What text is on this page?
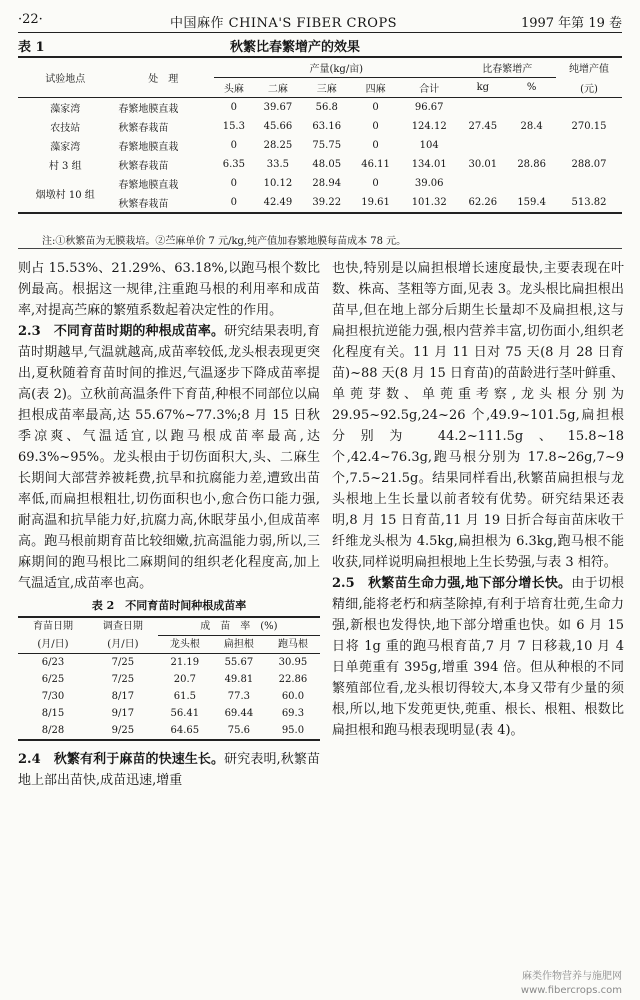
·22·	中国麻作 CHINA'S FIBER CROPS	1997 年第 19 卷
表 1	秋繁比春繁增产的效果
试验地点	处　理	产量(kg/亩)					比春繁增产		纯增产值
		头麻	二麻	三麻	四麻	合计	kg	%	(元)
藻家湾	春繁地膜直栽	0	39.67	56.8	0	96.67			
农技站	秋繁春栽苗	15.3	45.66	63.16	0	124.12	27.45	28.4	270.15
藻家湾	春繁地膜直栽	0	28.25	75.75	0	104			
村 3 组	秋繁春栽苗	6.35	33.5	48.05	46.11	134.01	30.01	28.86	288.07
烟墩村 10 组	春繁地膜直栽	0	10.12	28.94	0	39.06			
	秋繁春栽苗	0	42.49	39.22	19.61	101.32	62.26	159.4	513.82
注:①秋繁苗为无膜栽培。②苎麻单价 7 元/kg,纯产值加春繁地膜每苗成本 78 元。

则占 15.53%、21.29%、63.18%,以跑马根个数比例最高。根据这一规律,注重跑马根的利用率和成苗率,对提高苎麻的繁殖系数起着决定性的作用。

2.3　不同育苗时期的种根成苗率。研究结果表明,育苗时期越早,气温就越高,成苗率较低,龙头根表现更突出,夏秋随着育苗时间的推迟,气温逐步下降成苗率提高(表 2)。立秋前高温条件下育苗,种根不同部位以扁担根成苗率最高,达 55.67%~77.3%;8 月 15 日秋季凉爽、气温适宜,以跑马根成苗率最高,达 69.3%~95%。龙头根由于切伤面积大,头、二麻生长期间大部营养被耗费,抗旱和抗腐能力差,遭致出苗率低,而扁担根粗壮,切伤面积也小,愈合伤口能力强,耐高温和抗旱能力好,抗腐力高,休眠芽虽小,但成苗率高。跑马根前期育苗比较细嫩,抗高温能力弱,所以,三麻期间的跑马根比二麻期间的组织老化程度高,加上气温适宜,成苗率也高。

表 2　不同育苗时间种根成苗率
育苗日期	调查日期	成　苗　率　(%)		
(月/日)	(月/日)	龙头根	扁担根	跑马根
6/23	7/25	21.19	55.67	30.95
6/25	7/25	20.7	49.81	22.86
7/30	8/17	61.5	77.3	60.0
8/15	9/17	56.41	69.44	69.3
8/28	9/25	64.65	75.6	95.0

2.4　秋繁有利于麻苗的快速生长。研究表明,秋繁苗地上部出苗快,成苗迅速,增重

也快,特别是以扁担根增长速度最快,主要表现在叶数、株高、茎粗等方面,见表 3。龙头根比扁担根出苗早,但在地上部分后期生长量却不及扁担根,这与扁担根抗逆能力强,根内营养丰富,切伤面小,组织老化程度有关。11 月 11 日对 75 天(8 月 28 日育苗)~88 天(8 月 15 日育苗)的苗龄进行茎叶鲜重、单蔸芽数、单蔸重考察,龙头根分别为 29.95~92.5g,24~26 个,49.9~101.5g,扁担根分别为 44.2~111.5g、15.8~18 个,42.4~76.3g,跑马根分别为 17.8~26g,7~9 个,7.5~21.5g。结果同样看出,秋繁苗扁担根与龙头根地上生长量以前者较有优势。研究结果还表明,8 月 15 日育苗,11 月 19 日折合每亩苗床收干纤维龙头根为 4.5kg,扁担根为 6.3kg,跑马根不能收获,同样说明扁担根地上生长势强,与表 3 相符。

2.5　秋繁苗生命力强,地下部分增长快。由于切根精细,能将老朽和病茎除掉,有利于培育壮蔸,生命力强,新根也发得快,地下部分增重也快。如 6 月 15 日将 1g 重的跑马根育苗,7 月 7 日移栽,10 月 4 日单蔸重有 395g,增重 394 倍。但从种根的不同繁殖部位看,龙头根切得较大,本身又带有少量的须根,所以,地下发蔸更快,蔸重、根长、根粗、根数比扁担根和跑马根表现明显(表 4)。

麻类作物营养与施肥网
www.fibercrops.com
